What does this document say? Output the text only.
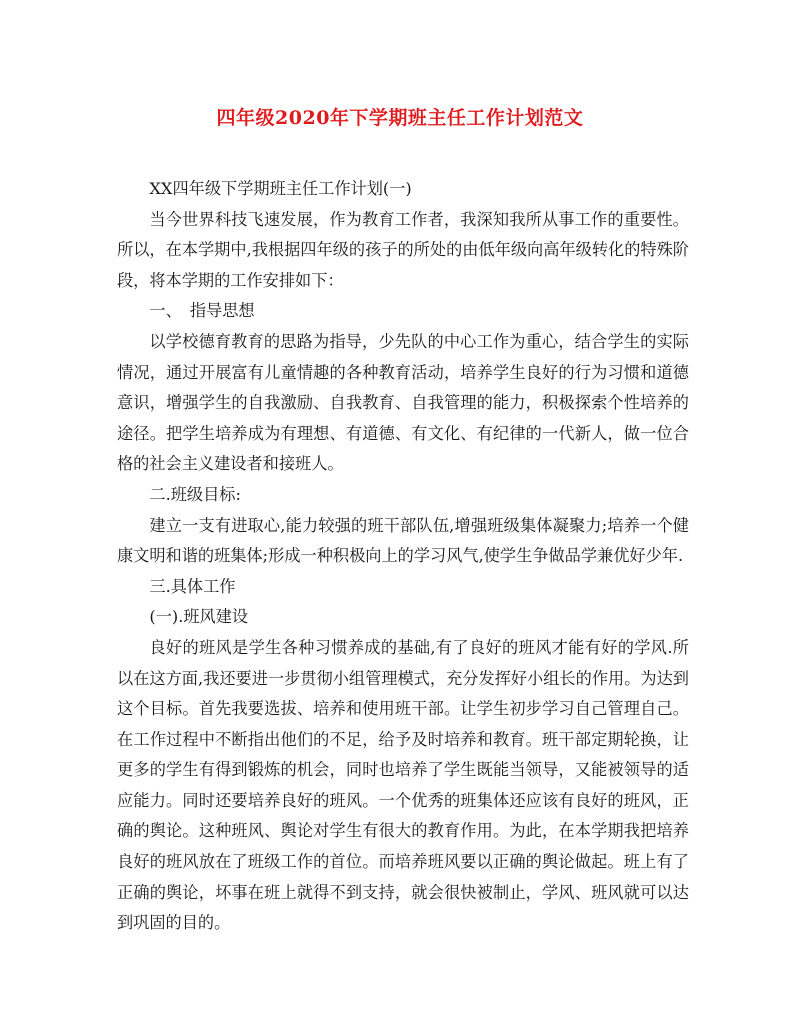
四年级2020年下学期班主任工作计划范文

XX四年级下学期班主任工作计划(一)

当今世界科技飞速发展，作为教育工作者，我深知我所从事工作的重要性。所以，在本学期中,我根据四年级的孩子的所处的由低年级向高年级转化的特殊阶段，将本学期的工作安排如下：

一、　指导思想

以学校德育教育的思路为指导，少先队的中心工作为重心，结合学生的实际情况，通过开展富有儿童情趣的各种教育活动，培养学生良好的行为习惯和道德意识，增强学生的自我激励、自我教育、自我管理的能力，积极探索个性培养的途径。把学生培养成为有理想、有道德、有文化、有纪律的一代新人，做一位合格的社会主义建设者和接班人。

二.班级目标:

建立一支有进取心,能力较强的班干部队伍,增强班级集体凝聚力;培养一个健康文明和谐的班集体;形成一种积极向上的学习风气,使学生争做品学兼优好少年.

三.具体工作

(一).班风建设

良好的班风是学生各种习惯养成的基础,有了良好的班风才能有好的学风.所以在这方面,我还要进一步贯彻小组管理模式，充分发挥好小组长的作用。为达到这个目标。首先我要选拔、培养和使用班干部。让学生初步学习自己管理自己。在工作过程中不断指出他们的不足，给予及时培养和教育。班干部定期轮换，让更多的学生有得到锻炼的机会，同时也培养了学生既能当领导，又能被领导的适应能力。同时还要培养良好的班风。一个优秀的班集体还应该有良好的班风，正确的舆论。这种班风、舆论对学生有很大的教育作用。为此，在本学期我把培养良好的班风放在了班级工作的首位。而培养班风要以正确的舆论做起。班上有了正确的舆论，坏事在班上就得不到支持，就会很快被制止，学风、班风就可以达到巩固的目的。
